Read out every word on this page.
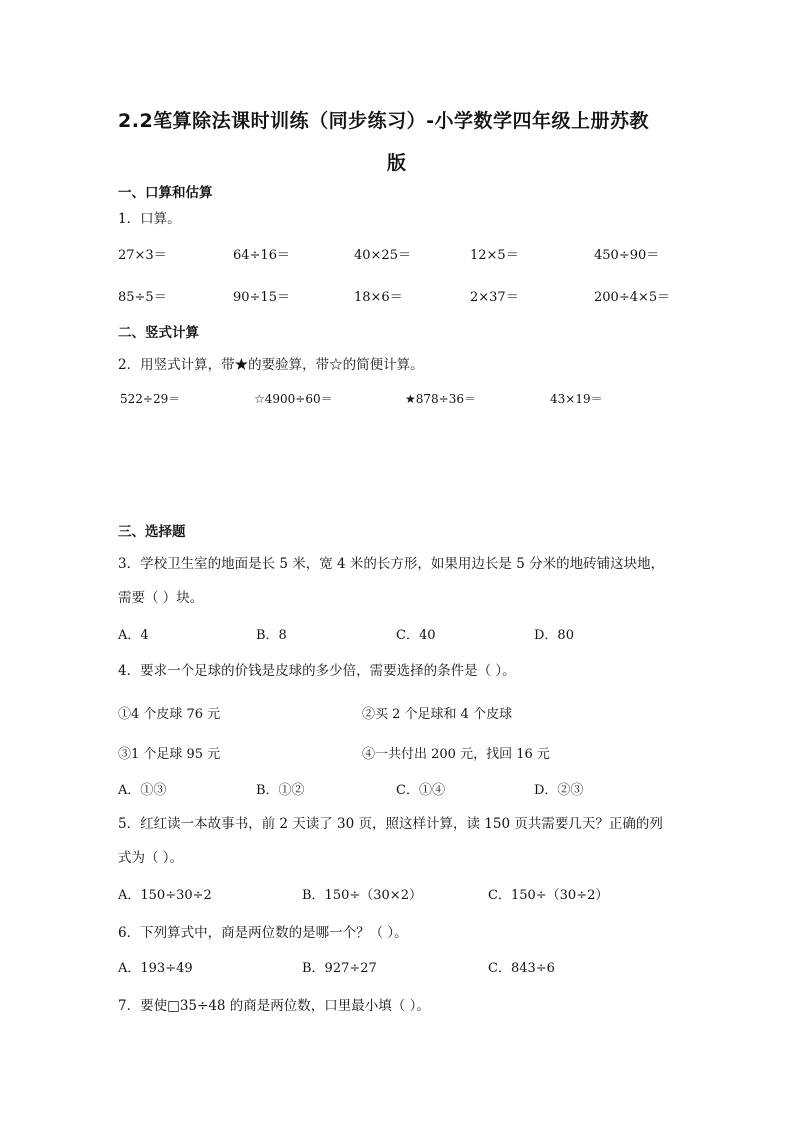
2.2笔算除法课时训练（同步练习）-小学数学四年级上册苏教
版
一、口算和估算
1．口算。
27×3＝	64÷16＝	40×25＝	12×5＝	450÷90＝
85÷5＝	90÷15＝	18×6＝	2×37＝	200÷4×5＝
二、竖式计算
2．用竖式计算，带★的要验算，带☆的简便计算。
522÷29＝	☆4900÷60＝	★878÷36＝	43×19＝
三、选择题
3．学校卫生室的地面是长 5 米，宽 4 米的长方形，如果用边长是 5 分米的地砖铺这块地，
需要（ ）块。
A．4	B．8	C．40	D．80
4．要求一个足球的价钱是皮球的多少倍，需要选择的条件是（ ）。
①4 个皮球 76 元	②买 2 个足球和 4 个皮球
③1 个足球 95 元	④一共付出 200 元，找回 16 元
A．①③	B．①②	C．①④	D．②③
5．红红读一本故事书，前 2 天读了 30 页，照这样计算，读 150 页共需要几天？正确的列
式为（ ）。
A．150÷30÷2	B．150÷（30×2）	C．150÷（30÷2）
6．下列算式中，商是两位数的是哪一个？（ ）。
A．193÷49	B．927÷27	C．843÷6
7．要使□35÷48 的商是两位数，口里最小填（ ）。
